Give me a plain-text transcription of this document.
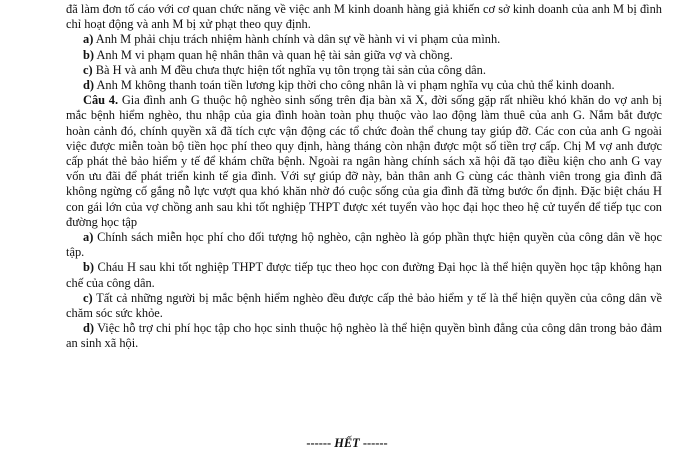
đã làm đơn tố cáo với cơ quan chức năng về việc anh M kinh doanh hàng giả khiến cơ sở kinh doanh của anh M bị đình chỉ hoạt động và anh M bị xử phạt theo quy định.

a) Anh M phải chịu trách nhiệm hành chính và dân sự về hành vi vi phạm của mình.

b) Anh M vi phạm quan hệ nhân thân và quan hệ tài sản giữa vợ và chồng.

c) Bà H và anh M đều chưa thực hiện tốt nghĩa vụ tôn trọng tài sản của công dân.

d) Anh M không thanh toán tiền lương kịp thời cho công nhân là vi phạm nghĩa vụ của chủ thể kinh doanh.

Câu 4. Gia đình anh G thuộc hộ nghèo sinh sống trên địa bàn xã X, đời sống gặp rất nhiều khó khăn do vợ anh bị mắc bệnh hiểm nghèo, thu nhập của gia đình hoàn toàn phụ thuộc vào lao động làm thuê của anh G. Nắm bắt được hoàn cảnh đó, chính quyền xã đã tích cực vận động các tổ chức đoàn thể chung tay giúp đỡ. Các con của anh G ngoài việc được miễn toàn bộ tiền học phí theo quy định, hàng tháng còn nhận được một số tiền trợ cấp. Chị M vợ anh được cấp phát thẻ bảo hiểm y tế để khám chữa bệnh. Ngoài ra ngân hàng chính sách xã hội đã tạo điều kiện cho anh G vay vốn ưu đãi để phát triển kinh tế gia đình. Với sự giúp đỡ này, bản thân anh G cùng các thành viên trong gia đình đã không ngừng cố gắng nỗ lực vượt qua khó khăn nhờ đó cuộc sống của gia đình đã từng bước ổn định. Đặc biệt cháu H con gái lớn của vợ chồng anh sau khi tốt nghiệp THPT được xét tuyển vào học đại học theo hệ cử tuyển để tiếp tục con đường học tập

a) Chính sách miễn học phí cho đối tượng hộ nghèo, cận nghèo là góp phần thực hiện quyền của công dân về học tập.

b) Cháu H sau khi tốt nghiệp THPT được tiếp tục theo học con đường Đại học là thể hiện quyền học tập không hạn chế của công dân.

c) Tất cả những người bị mắc bệnh hiểm nghèo đều được cấp thẻ bảo hiểm y tế là thể hiện quyền của công dân về chăm sóc sức khỏe.

d) Việc hỗ trợ chi phí học tập cho học sinh thuộc hộ nghèo là thể hiện quyền bình đẳng của công dân trong bảo đảm an sinh xã hội.

------ HẾT ------
